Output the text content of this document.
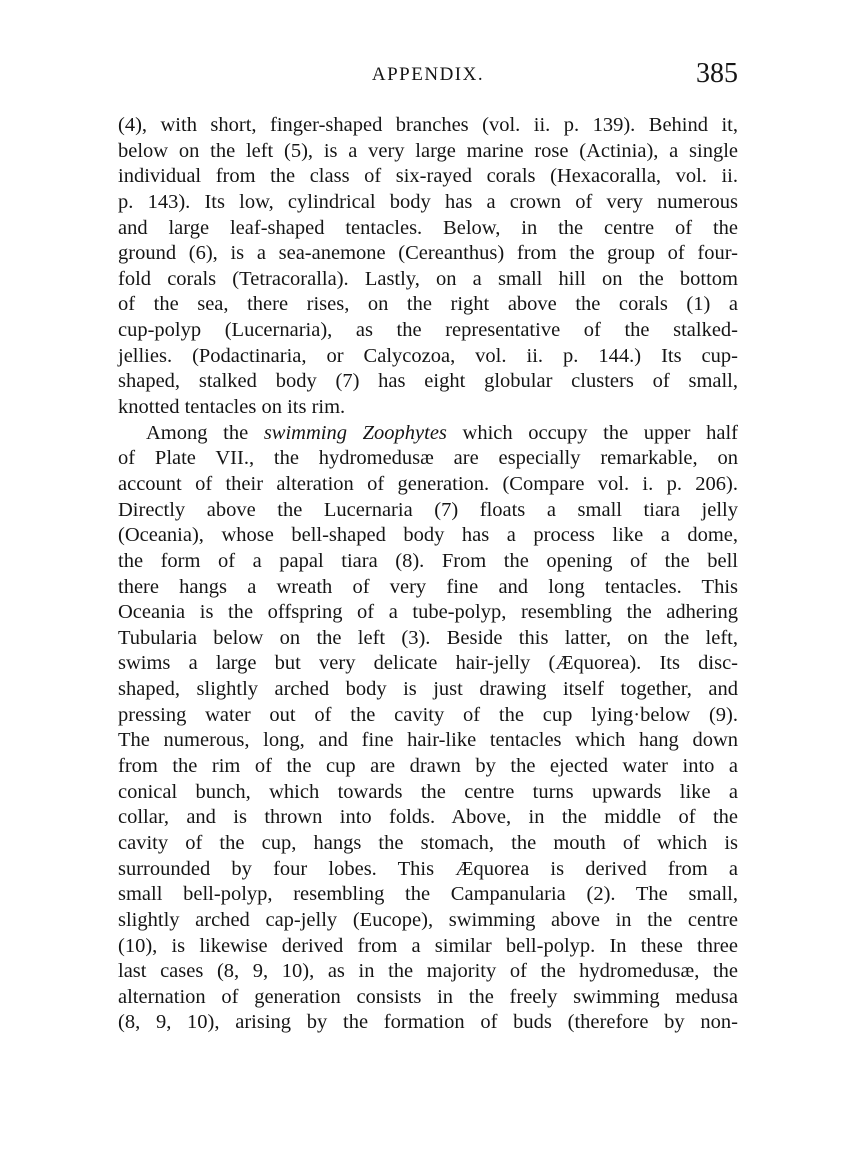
APPENDIX.	385
(4), with short, finger-shaped branches (vol. ii. p. 139). Behind it,
below on the left (5), is a very large marine rose (Actinia), a single
individual from the class of six-rayed corals (Hexacoralla, vol. ii.
p. 143). Its low, cylindrical body has a crown of very numerous
and large leaf-shaped tentacles. Below, in the centre of the
ground (6), is a sea-anemone (Cereanthus) from the group of four-
fold corals (Tetracoralla). Lastly, on a small hill on the bottom
of the sea, there rises, on the right above the corals (1) a
cup-polyp (Lucernaria), as the representative of the stalked-
jellies. (Podactinaria, or Calycozoa, vol. ii. p. 144.) Its cup-
shaped, stalked body (7) has eight globular clusters of small,
knotted tentacles on its rim.
Among the swimming Zoophytes which occupy the upper half
of Plate VII., the hydromedusæ are especially remarkable, on
account of their alteration of generation. (Compare vol. i. p. 206).
Directly above the Lucernaria (7) floats a small tiara jelly
(Oceania), whose bell-shaped body has a process like a dome,
the form of a papal tiara (8). From the opening of the bell
there hangs a wreath of very fine and long tentacles. This
Oceania is the offspring of a tube-polyp, resembling the adhering
Tubularia below on the left (3). Beside this latter, on the left,
swims a large but very delicate hair-jelly (Æquorea). Its disc-
shaped, slightly arched body is just drawing itself together, and
pressing water out of the cavity of the cup lying·below (9).
The numerous, long, and fine hair-like tentacles which hang down
from the rim of the cup are drawn by the ejected water into a
conical bunch, which towards the centre turns upwards like a
collar, and is thrown into folds. Above, in the middle of the
cavity of the cup, hangs the stomach, the mouth of which is
surrounded by four lobes. This Æquorea is derived from a
small bell-polyp, resembling the Campanularia (2). The small,
slightly arched cap-jelly (Eucope), swimming above in the centre
(10), is likewise derived from a similar bell-polyp. In these three
last cases (8, 9, 10), as in the majority of the hydromedusæ, the
alternation of generation consists in the freely swimming medusa
(8, 9, 10), arising by the formation of buds (therefore by non-
